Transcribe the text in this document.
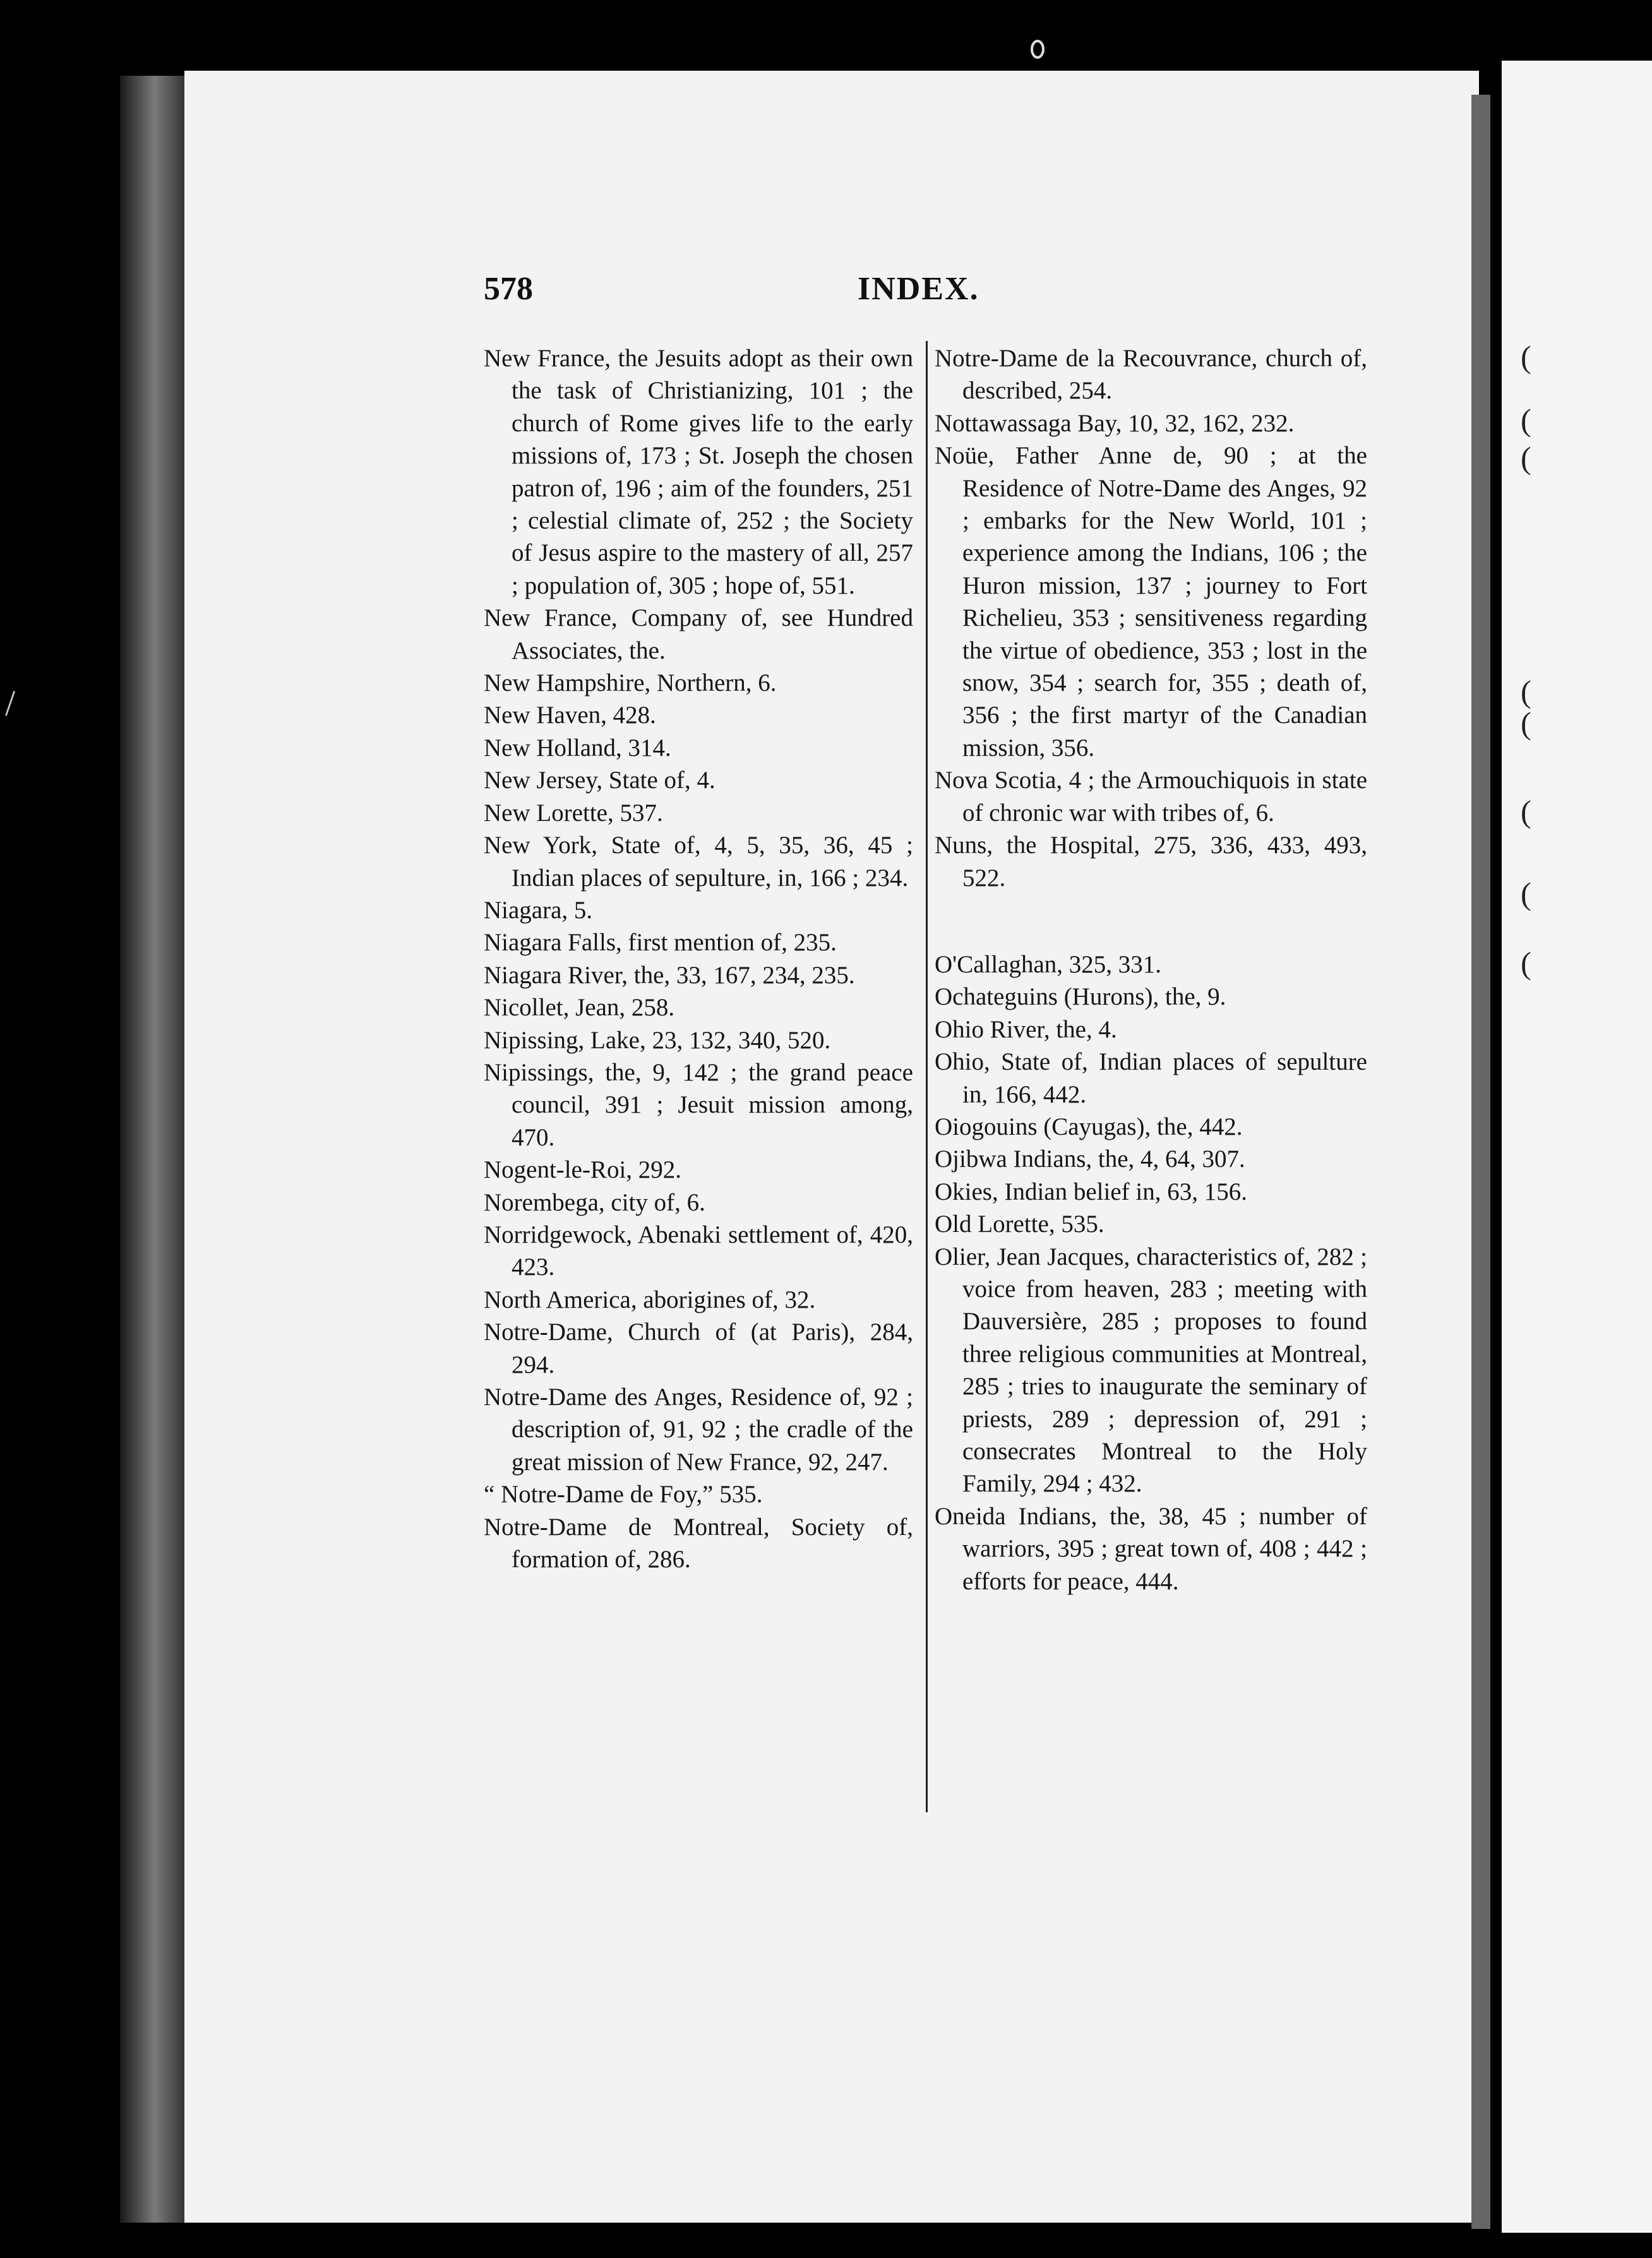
(
(
(
(
(
(
(
(
/
578	INDEX.
New France, the Jesuits adopt as their own the task of Christianizing, 101 ; the church of Rome gives life to the early missions of, 173 ; St. Joseph the chosen patron of, 196 ; aim of the founders, 251 ; celestial climate of, 252 ; the Society of Jesus aspire to the mastery of all, 257 ; population of, 305 ; hope of, 551.
New France, Company of, see Hundred Associates, the.
New Hampshire, Northern, 6.
New Haven, 428.
New Holland, 314.
New Jersey, State of, 4.
New Lorette, 537.
New York, State of, 4, 5, 35, 36, 45 ; Indian places of sepulture, in, 166 ; 234.
Niagara, 5.
Niagara Falls, first mention of, 235.
Niagara River, the, 33, 167, 234, 235.
Nicollet, Jean, 258.
Nipissing, Lake, 23, 132, 340, 520.
Nipissings, the, 9, 142 ; the grand peace council, 391 ; Jesuit mission among, 470.
Nogent-le-Roi, 292.
Norembega, city of, 6.
Norridgewock, Abenaki settlement of, 420, 423.
North America, aborigines of, 32.
Notre-Dame, Church of (at Paris), 284, 294.
Notre-Dame des Anges, Residence of, 92 ; description of, 91, 92 ; the cradle of the great mission of New France, 92, 247.
“ Notre-Dame de Foy,” 535.
Notre-Dame de Montreal, Society of, formation of, 286.
Notre-Dame de la Recouvrance, church of, described, 254.
Nottawassaga Bay, 10, 32, 162, 232.
Noüe, Father Anne de, 90 ; at the Residence of Notre-Dame des Anges, 92 ; embarks for the New World, 101 ; experience among the Indians, 106 ; the Huron mission, 137 ; journey to Fort Richelieu, 353 ; sensitiveness regarding the virtue of obedience, 353 ; lost in the snow, 354 ; search for, 355 ; death of, 356 ; the first martyr of the Canadian mission, 356.
Nova Scotia, 4 ; the Armouchiquois in state of chronic war with tribes of, 6.
Nuns, the Hospital, 275, 336, 433, 493, 522.
O'Callaghan, 325, 331.
Ochateguins (Hurons), the, 9.
Ohio River, the, 4.
Ohio, State of, Indian places of sepulture in, 166, 442.
Oiogouins (Cayugas), the, 442.
Ojibwa Indians, the, 4, 64, 307.
Okies, Indian belief in, 63, 156.
Old Lorette, 535.
Olier, Jean Jacques, characteristics of, 282 ; voice from heaven, 283 ; meeting with Dauversière, 285 ; proposes to found three religious communities at Montreal, 285 ; tries to inaugurate the seminary of priests, 289 ; depression of, 291 ; consecrates Montreal to the Holy Family, 294 ; 432.
Oneida Indians, the, 38, 45 ; number of warriors, 395 ; great town of, 408 ; 442 ; efforts for peace, 444.
